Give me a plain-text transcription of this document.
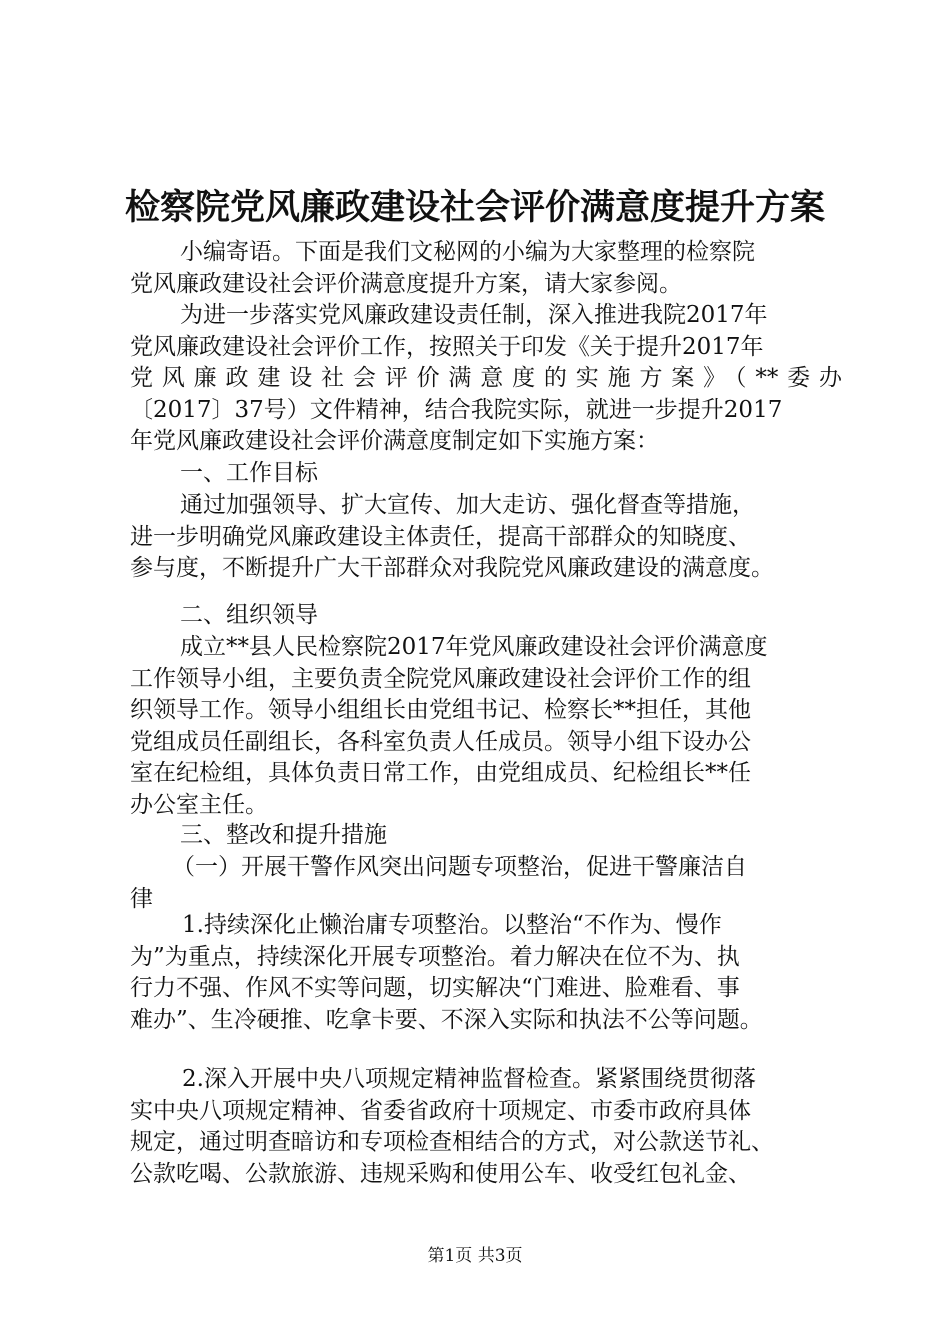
检察院党风廉政建设社会评价满意度提升方案
小编寄语。下面是我们文秘网的小编为大家整理的检察院
党风廉政建设社会评价满意度提升方案，请大家参阅。
为进一步落实党风廉政建设责任制，深入推进我院2017年
党风廉政建设社会评价工作，按照关于印发《关于提升2017年
党风廉政建设社会评价满意度的实施方案》（**委办
〔2017〕37号）文件精神，结合我院实际，就进一步提升2017
年党风廉政建设社会评价满意度制定如下实施方案：
一、工作目标
通过加强领导、扩大宣传、加大走访、强化督查等措施，
进一步明确党风廉政建设主体责任，提高干部群众的知晓度、
参与度，不断提升广大干部群众对我院党风廉政建设的满意度。
二、组织领导
成立**县人民检察院2017年党风廉政建设社会评价满意度
工作领导小组，主要负责全院党风廉政建设社会评价工作的组
织领导工作。领导小组组长由党组书记、检察长**担任，其他
党组成员任副组长，各科室负责人任成员。领导小组下设办公
室在纪检组，具体负责日常工作，由党组成员、纪检组长**任
办公室主任。
三、整改和提升措施
（一）开展干警作风突出问题专项整治，促进干警廉洁自
律
1.持续深化止懒治庸专项整治。以整治“不作为、慢作
为”为重点，持续深化开展专项整治。着力解决在位不为、执
行力不强、作风不实等问题，切实解决“门难进、脸难看、事
难办”、生冷硬推、吃拿卡要、不深入实际和执法不公等问题。
2.深入开展中央八项规定精神监督检查。紧紧围绕贯彻落
实中央八项规定精神、省委省政府十项规定、市委市政府具体
规定，通过明查暗访和专项检查相结合的方式，对公款送节礼、
公款吃喝、公款旅游、违规采购和使用公车、收受红包礼金、
第1页 共3页
